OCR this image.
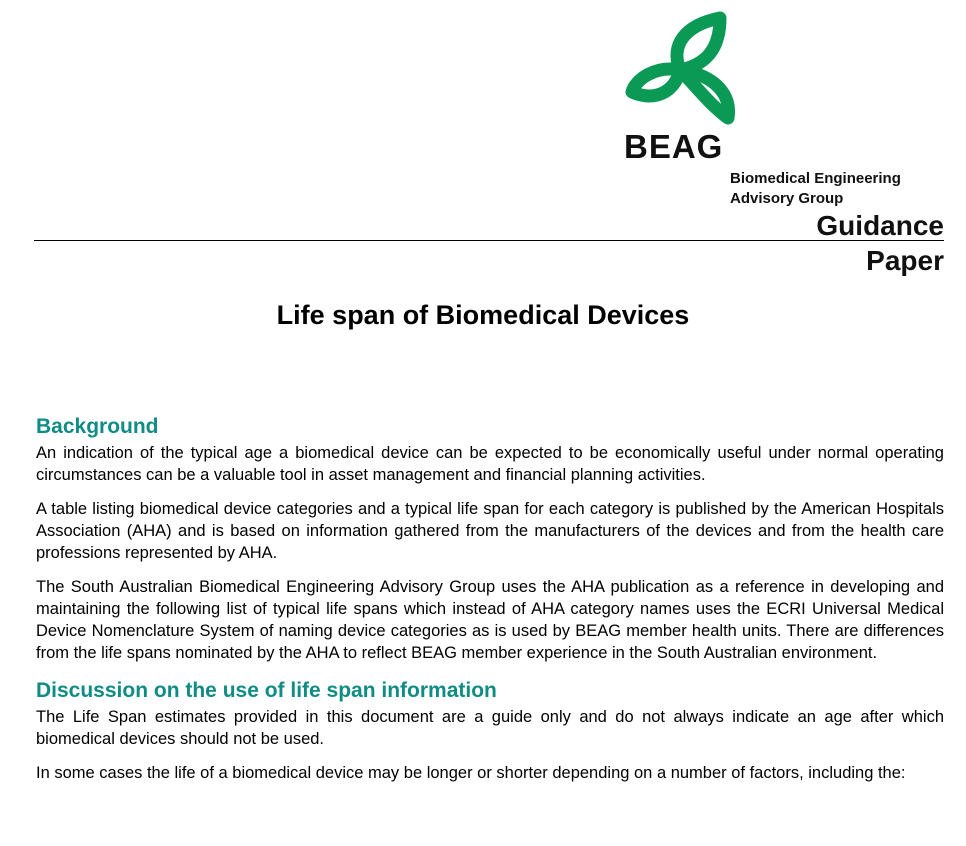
BEAG
Biomedical Engineering
Advisory Group
Guidance
Paper
Life span of Biomedical Devices
Background

An indication of the typical age a biomedical device can be expected to be economically useful under normal operating circumstances can be a valuable tool in asset management and financial planning activities.

A table listing biomedical device categories and a typical life span for each category is published by the American Hospitals Association (AHA) and is based on information gathered from the manufacturers of the devices and from the health care professions represented by AHA.

The South Australian Biomedical Engineering Advisory Group uses the AHA publication as a reference in developing and maintaining the following list of typical life spans which instead of AHA category names uses the ECRI Universal Medical Device Nomenclature System of naming device categories as is used by BEAG member health units. There are differences from the life spans nominated by the AHA to reflect BEAG member experience in the South Australian environment.

Discussion on the use of life span information

The Life Span estimates provided in this document are a guide only and do not always indicate an age after which biomedical devices should not be used.

In some cases the life of a biomedical device may be longer or shorter depending on a number of factors, including the:
